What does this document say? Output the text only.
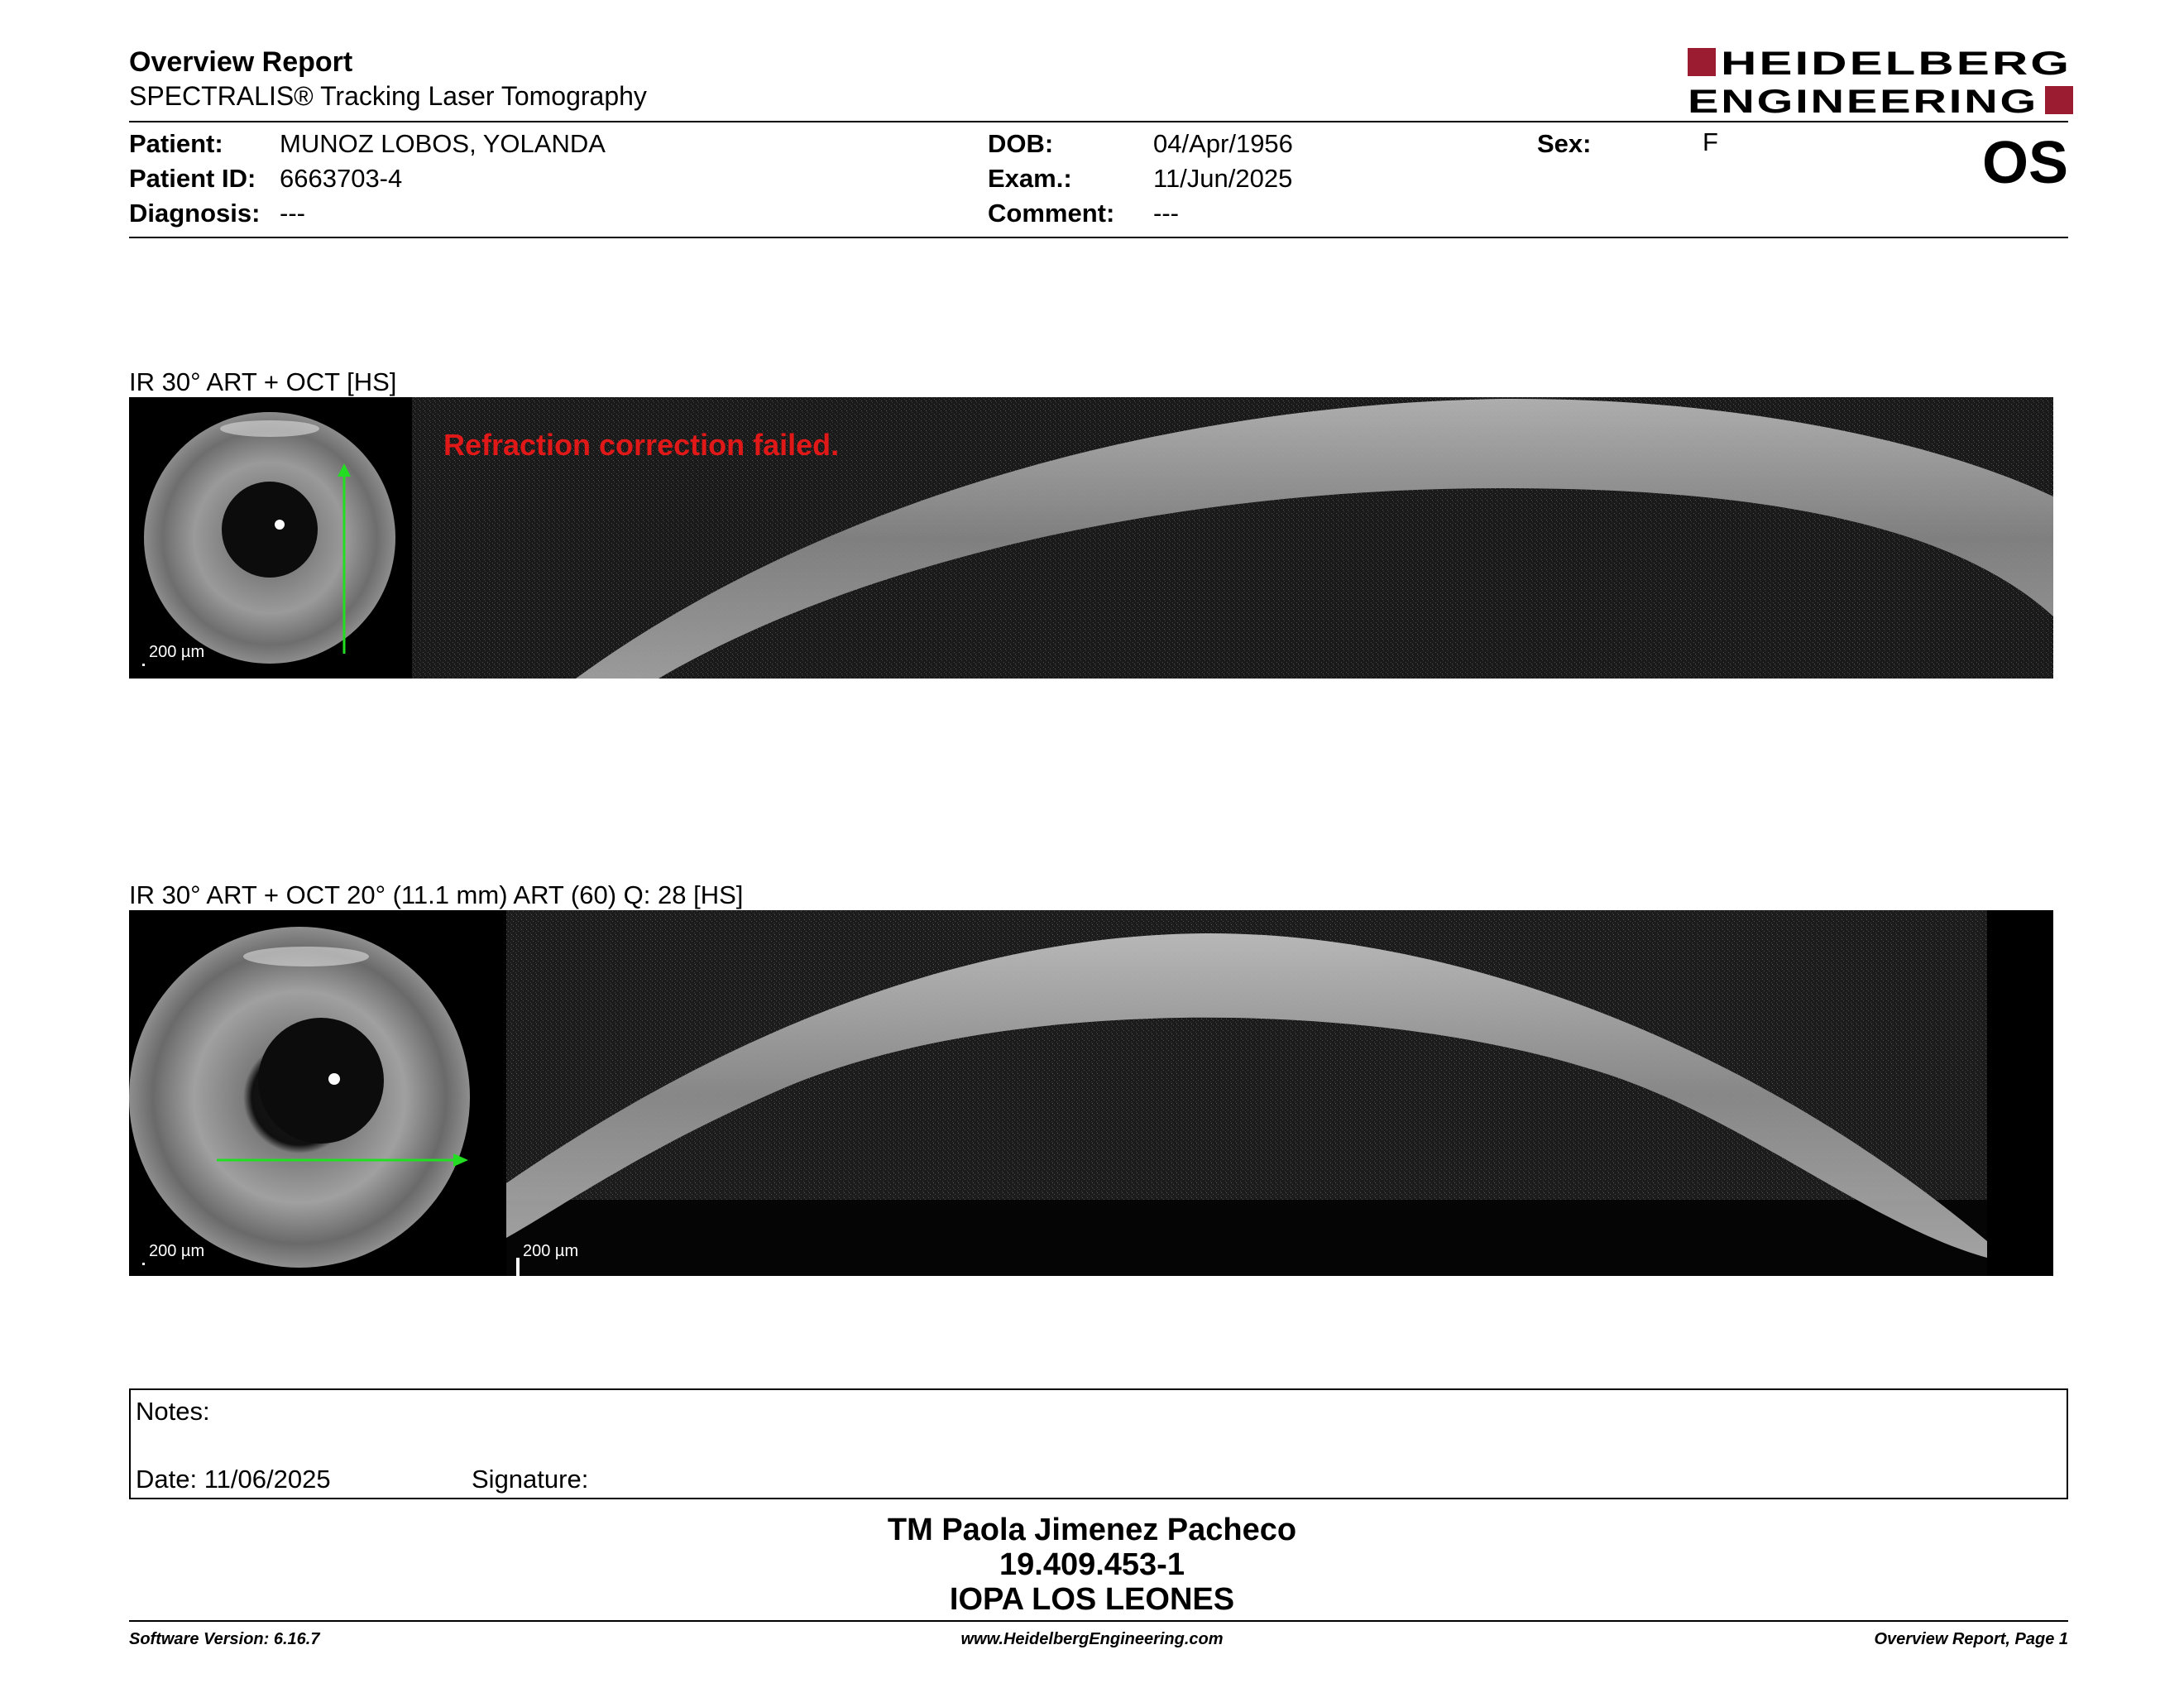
Overview Report
SPECTRALIS® Tracking Laser Tomography
HEIDELBERG
ENGINEERING
Patient: MUNOZ LOBOS, YOLANDA
Patient ID: 6663703-4
Diagnosis: ---
DOB:	04/Apr/1956
Exam.:	11/Jun/2025
Comment: ---
Sex:	F	OS
IR 30° ART + OCT [HS]
200 µm
Refraction correction failed.
IR 30° ART + OCT 20° (11.1 mm) ART (60) Q: 28 [HS]
200 µm	200 µm
Notes:
Date: 11/06/2025	Signature:
TM Paola Jimenez Pacheco
19.409.453-1
IOPA LOS LEONES
Software Version: 6.16.7	www.HeidelbergEngineering.com	Overview Report, Page 1
